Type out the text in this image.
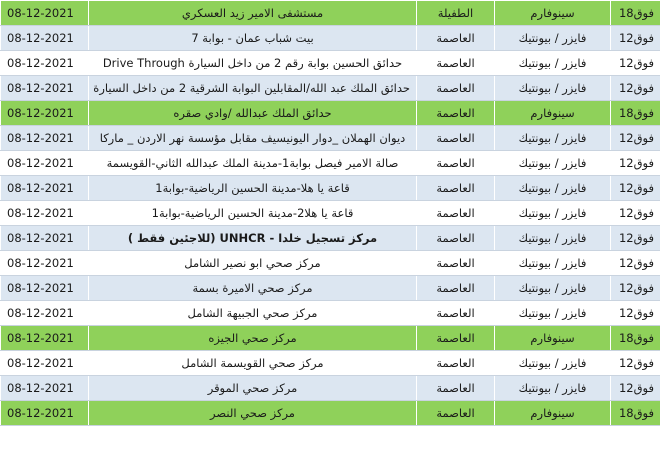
08-12-2021	مستشفى الامير زيد العسكري	الطفيلة	سينوفارم	فوق18
08-12-2021	بيت شباب عمان - بوابة 7	العاصمة	فايزر / بيونتيك	فوق12
08-12-2021	حدائق الحسين بوابة رقم 2 من داخل السيارة Drive Through	العاصمة	فايزر / بيونتيك	فوق12
08-12-2021	حدائق الملك عبد الله/المقابلين البوابة الشرقية 2 من داخل السيارة	العاصمة	فايزر / بيونتيك	فوق12
08-12-2021	حدائق الملك عبدالله /وادي صقره	العاصمة	سينوفارم	فوق18
08-12-2021	ديوان الهملان _دوار اليونيسيف مقابل مؤسسة نهر الاردن _ ماركا	العاصمة	فايزر / بيونتيك	فوق12
08-12-2021	صالة الامير فيصل بوابة1-مدينة الملك عبدالله الثاني-القويسمة	العاصمة	فايزر / بيونتيك	فوق12
08-12-2021	قاعة يا هلا-مدينة الحسين الرياضية-بوابة1	العاصمة	فايزر / بيونتيك	فوق12
08-12-2021	قاعة يا هلا2-مدينة الحسين الرياضية-بوابة1	العاصمة	فايزر / بيونتيك	فوق12
08-12-2021	مركز تسجيل خلدا - UNHCR (للاجئين فقط )	العاصمة	فايزر / بيونتيك	فوق12
08-12-2021	مركز صحي ابو نصير الشامل	العاصمة	فايزر / بيونتيك	فوق12
08-12-2021	مركز صحي الاميرة بسمة	العاصمة	فايزر / بيونتيك	فوق12
08-12-2021	مركز صحي الجبيهة الشامل	العاصمة	فايزر / بيونتيك	فوق12
08-12-2021	مركز صحي الجيزه	العاصمة	سينوفارم	فوق18
08-12-2021	مركز صحي القويسمة الشامل	العاصمة	فايزر / بيونتيك	فوق12
08-12-2021	مركز صحي الموقر	العاصمة	فايزر / بيونتيك	فوق12
08-12-2021	مركز صحي النصر	العاصمة	سينوفارم	فوق18
